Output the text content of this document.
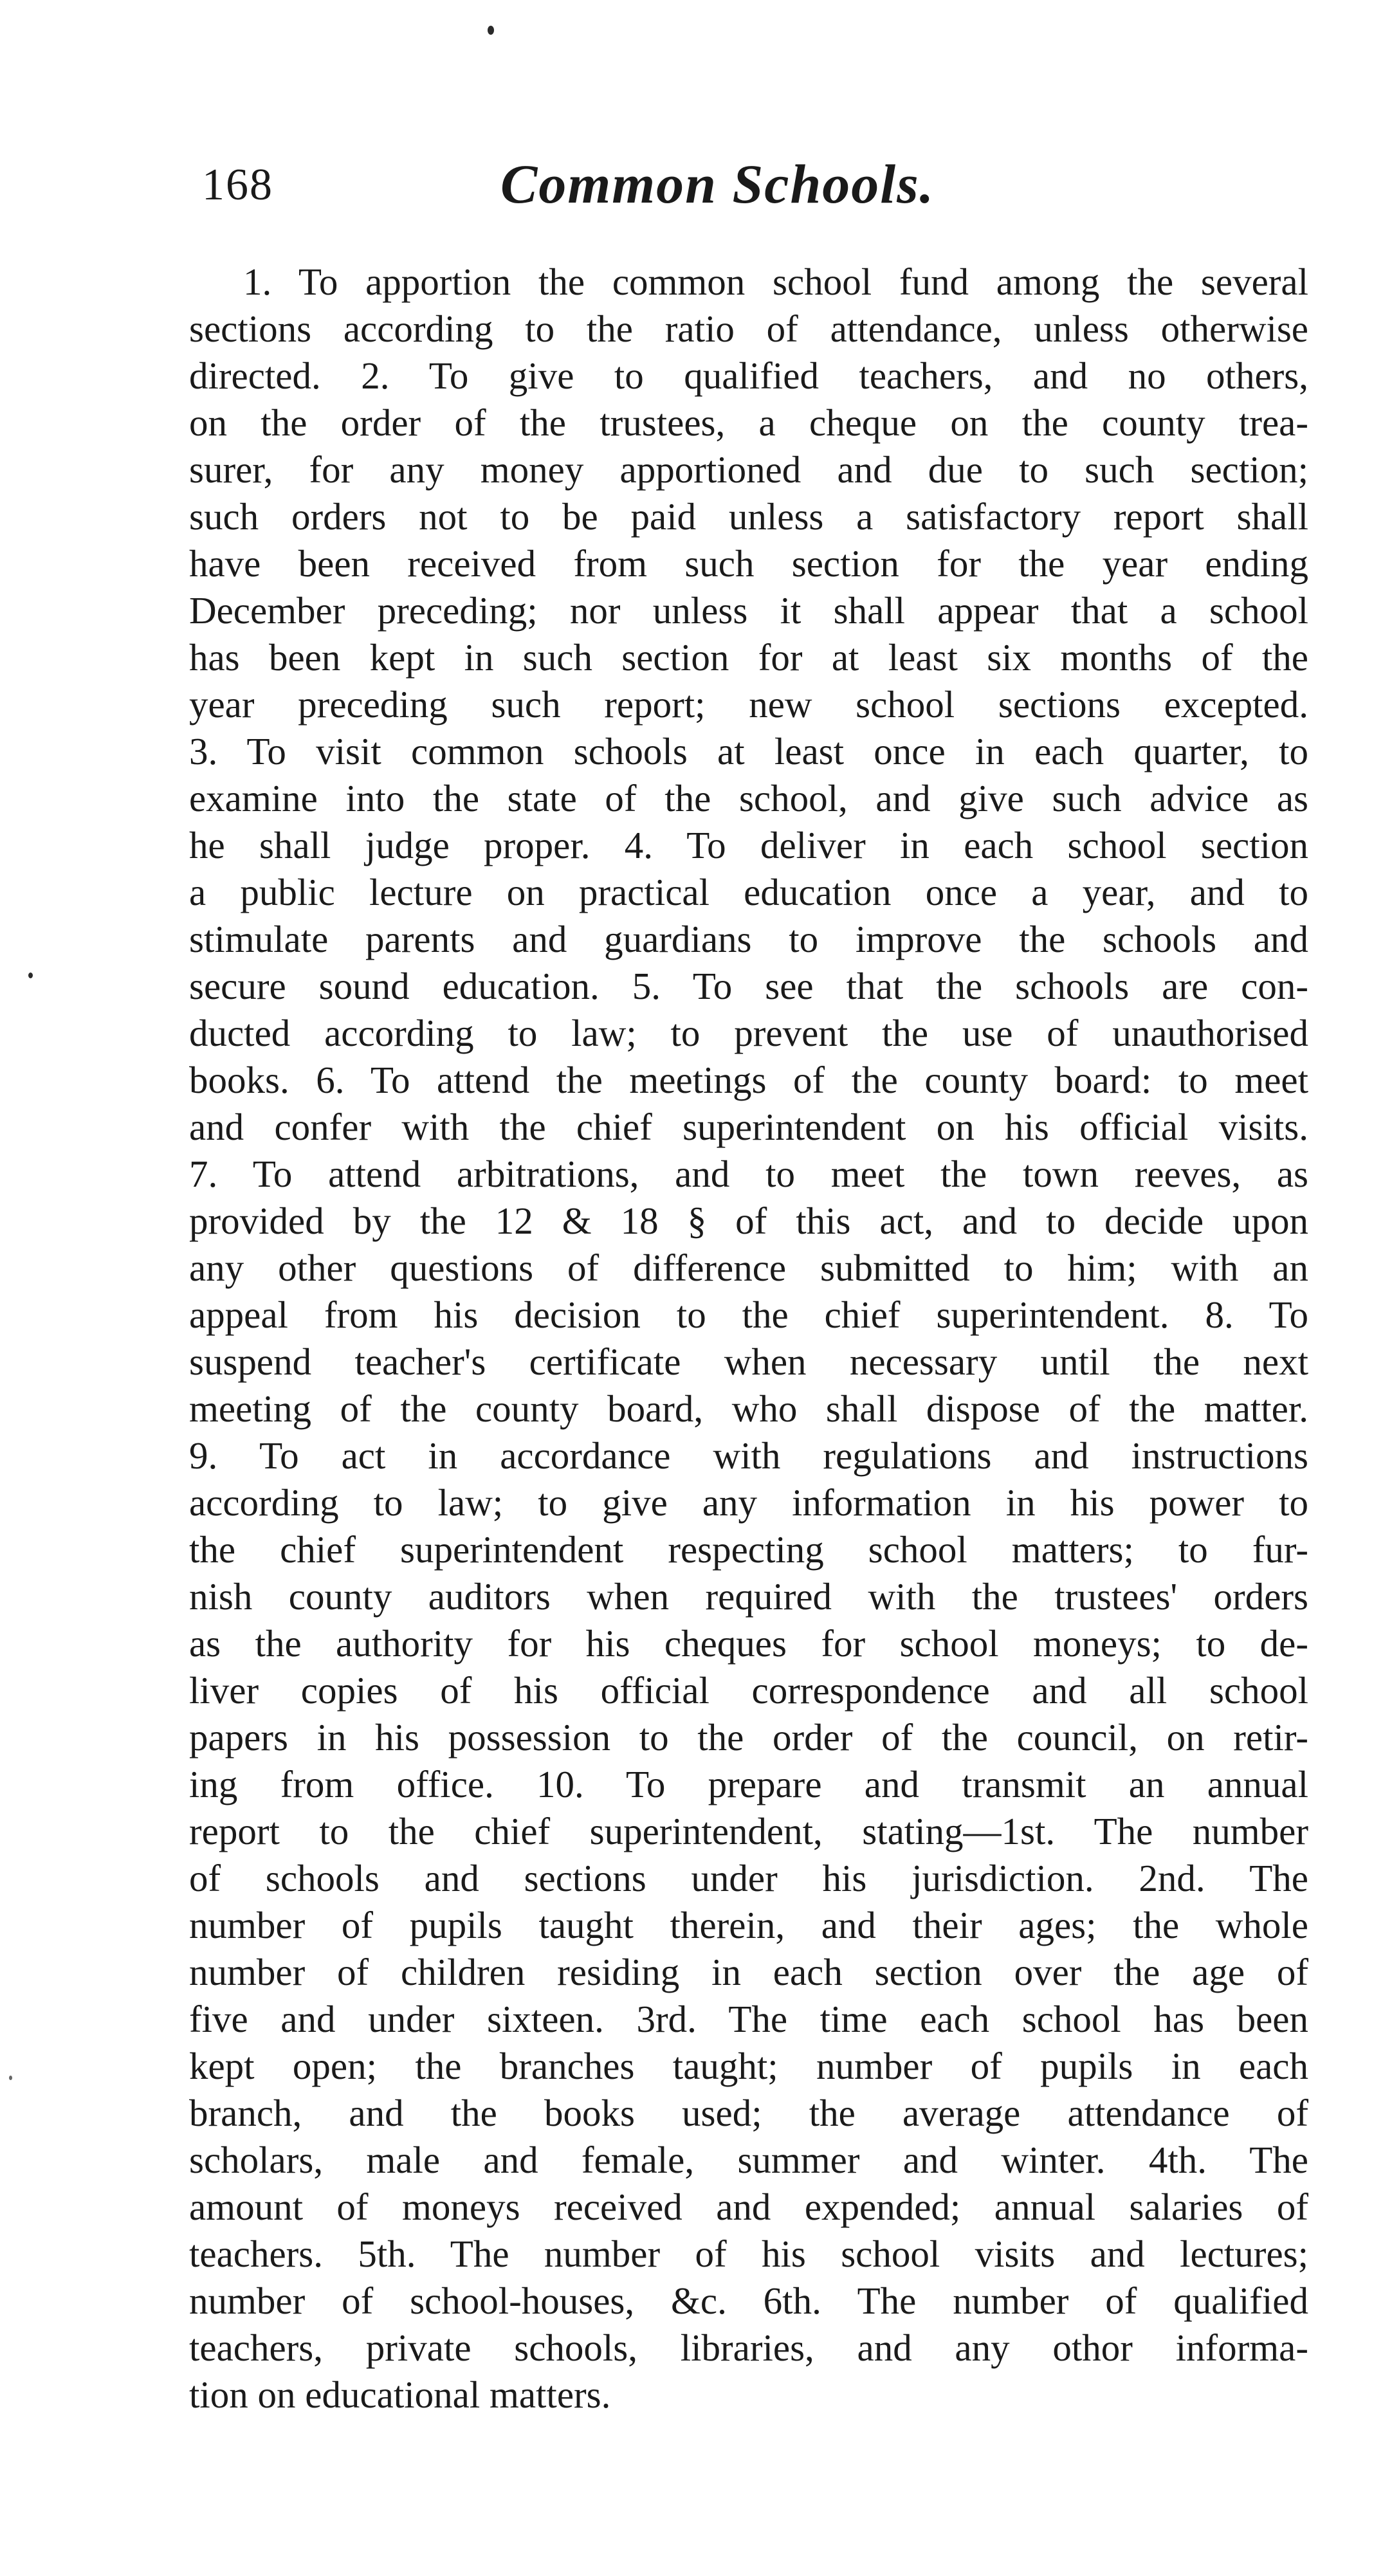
168	Common Schools.
1. To apportion the common school fund among the several
sections according to the ratio of attendance, unless otherwise
directed. 2. To give to qualified teachers, and no others,
on the order of the trustees, a cheque on the county trea-
surer, for any money apportioned and due to such section;
such orders not to be paid unless a satisfactory report shall
have been received from such section for the year ending
December preceding; nor unless it shall appear that a school
has been kept in such section for at least six months of the
year preceding such report; new school sections excepted.
3. To visit common schools at least once in each quarter, to
examine into the state of the school, and give such advice as
he shall judge proper. 4. To deliver in each school section
a public lecture on practical education once a year, and to
stimulate parents and guardians to improve the schools and
secure sound education. 5. To see that the schools are con-
ducted according to law; to prevent the use of unauthorised
books. 6. To attend the meetings of the county board: to meet
and confer with the chief superintendent on his official visits.
7. To attend arbitrations, and to meet the town reeves, as
provided by the 12 & 18 § of this act, and to decide upon
any other questions of difference submitted to him; with an
appeal from his decision to the chief superintendent. 8. To
suspend teacher's certificate when necessary until the next
meeting of the county board, who shall dispose of the matter.
9. To act in accordance with regulations and instructions
according to law; to give any information in his power to
the chief superintendent respecting school matters; to fur-
nish county auditors when required with the trustees' orders
as the authority for his cheques for school moneys; to de-
liver copies of his official correspondence and all school
papers in his possession to the order of the council, on retir-
ing from office. 10. To prepare and transmit an annual
report to the chief superintendent, stating—1st. The number
of schools and sections under his jurisdiction. 2nd. The
number of pupils taught therein, and their ages; the whole
number of children residing in each section over the age of
five and under sixteen. 3rd. The time each school has been
kept open; the branches taught; number of pupils in each
branch, and the books used; the average attendance of
scholars, male and female, summer and winter. 4th. The
amount of moneys received and expended; annual salaries of
teachers. 5th. The number of his school visits and lectures;
number of school-houses, &c. 6th. The number of qualified
teachers, private schools, libraries, and any othor informa-
tion on educational matters.
